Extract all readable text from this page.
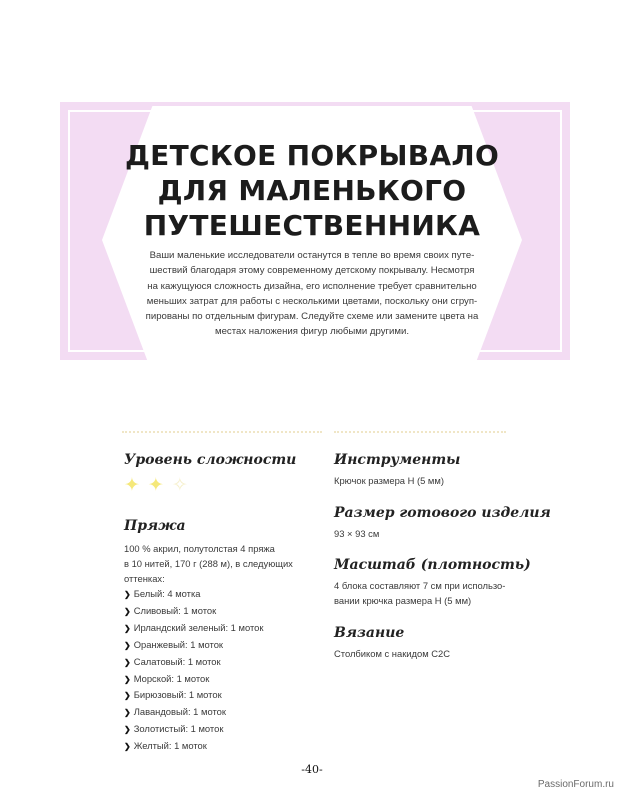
ДЕТСКОЕ ПОКРЫВАЛО
ДЛЯ МАЛЕНЬКОГО
ПУТЕШЕСТВЕННИКА

Ваши маленькие исследователи останутся в тепле во время своих путе-
шествий благодаря этому современному детскому покрывалу. Несмотря
на кажущуюся сложность дизайна, его исполнение требует сравнительно
меньших затрат для работы с несколькими цветами, поскольку они сгруп-
пированы по отдельным фигурам. Следуйте схеме или замените цвета на
местах наложения фигур любыми другими.

Уровень сложности
✦ ✦ ✧
Пряжа

100 % акрил, полутолстая 4 пряжа

в 10 нитей, 170 г (288 м), в следующих

оттенках:

❯ Белый: 4 мотка
❯ Сливовый: 1 моток
❯ Ирландский зеленый: 1 моток
❯ Оранжевый: 1 моток
❯ Салатовый: 1 моток
❯ Морской: 1 моток
❯ Бирюзовый: 1 моток
❯ Лавандовый: 1 моток
❯ Золотистый: 1 моток
❯ Желтый: 1 моток
Инструменты

Крючок размера H (5 мм)

Размер готового изделия

93 × 93 см

Масштаб (плотность)

4 блока составляют 7 см при использо-

вании крючка размера H (5 мм)

Вязание

Столбиком с накидом C2C

-40-
PassionForum.ru
